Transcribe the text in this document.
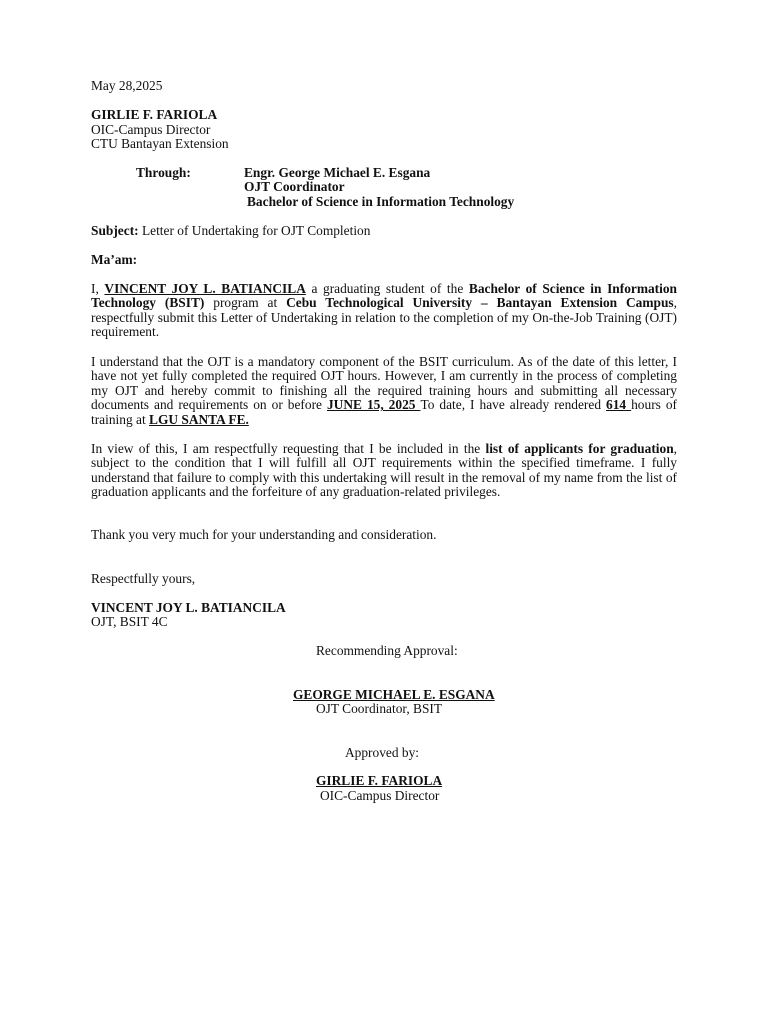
May 28,2025
GIRLIE F. FARIOLA
OIC-Campus Director
CTU Bantayan Extension
Through:	Engr. George Michael E. Esgana
OJT Coordinator
Bachelor of Science in Information Technology
Subject: Letter of Undertaking for OJT Completion
Ma’am:
I, VINCENT JOY L. BATIANCILA a graduating student of the Bachelor of Science in Information Technology (BSIT) program at Cebu Technological University – Bantayan Extension Campus, respectfully submit this Letter of Undertaking in relation to the completion of my On-the-Job Training (OJT) requirement.
I understand that the OJT is a mandatory component of the BSIT curriculum. As of the date of this letter, I have not yet fully completed the required OJT hours. However, I am currently in the process of completing my OJT and hereby commit to finishing all the required training hours and submitting all necessary documents and requirements on or before JUNE 15, 2025 To date, I have already rendered 614 hours of training at LGU SANTA FE.
In view of this, I am respectfully requesting that I be included in the list of applicants for graduation, subject to the condition that I will fulfill all OJT requirements within the specified timeframe. I fully understand that failure to comply with this undertaking will result in the removal of my name from the list of graduation applicants and the forfeiture of any graduation-related privileges.
Thank you very much for your understanding and consideration.
Respectfully yours,
VINCENT JOY L. BATIANCILA
OJT, BSIT 4C
Recommending Approval:
GEORGE MICHAEL E. ESGANA
OJT Coordinator, BSIT
Approved by:
GIRLIE F. FARIOLA
OIC-Campus Director
